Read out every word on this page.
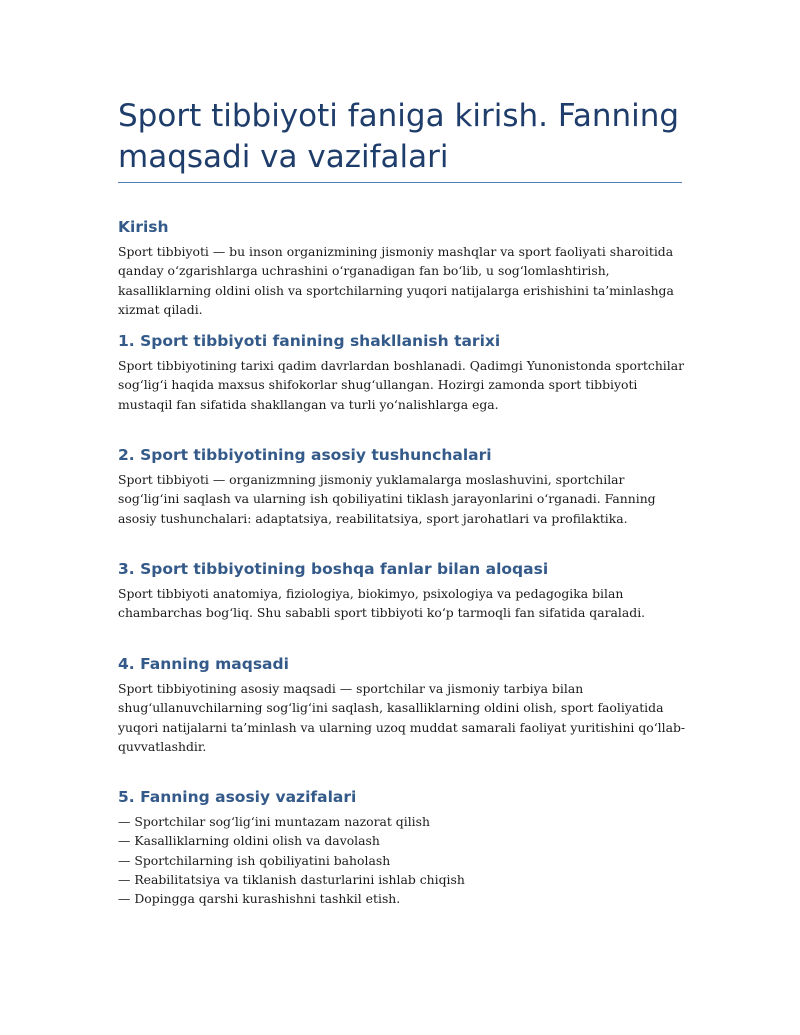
Sport tibbiyoti faniga kirish. Fanning maqsadi va vazifalari
Kirish

Sport tibbiyoti — bu inson organizmining jismoniy mashqlar va sport faoliyati sharoitida qanday o‘zgarishlarga uchrashini o‘rganadigan fan bo‘lib, u sog‘lomlashtirish, kasalliklarning oldini olish va sportchilarning yuqori natijalarga erishishini ta’minlashga xizmat qiladi.

1. Sport tibbiyoti fanining shakllanish tarixi

Sport tibbiyotining tarixi qadim davrlardan boshlanadi. Qadimgi Yunonistonda sportchilar sog‘lig‘i haqida maxsus shifokorlar shug‘ullangan. Hozirgi zamonda sport tibbiyoti mustaqil fan sifatida shakllangan va turli yo‘nalishlarga ega.

2. Sport tibbiyotining asosiy tushunchalari

Sport tibbiyoti — organizmning jismoniy yuklamalarga moslashuvini, sportchilar sog‘lig‘ini saqlash va ularning ish qobiliyatini tiklash jarayonlarini o‘rganadi. Fanning asosiy tushunchalari: adaptatsiya, reabilitatsiya, sport jarohatlari va profilaktika.

3. Sport tibbiyotining boshqa fanlar bilan aloqasi

Sport tibbiyoti anatomiya, fiziologiya, biokimyo, psixologiya va pedagogika bilan chambarchas bog‘liq. Shu sababli sport tibbiyoti ko‘p tarmoqli fan sifatida qaraladi.

4. Fanning maqsadi

Sport tibbiyotining asosiy maqsadi — sportchilar va jismoniy tarbiya bilan shug‘ullanuvchilarning sog‘lig‘ini saqlash, kasalliklarning oldini olish, sport faoliyatida yuqori natijalarni ta’minlash va ularning uzoq muddat samarali faoliyat yuritishini qo‘llab-quvvatlashdir.

5. Fanning asosiy vazifalari
— Sportchilar sog‘lig‘ini muntazam nazorat qilish
— Kasalliklarning oldini olish va davolash
— Sportchilarning ish qobiliyatini baholash
— Reabilitatsiya va tiklanish dasturlarini ishlab chiqish
— Dopingga qarshi kurashishni tashkil etish.
